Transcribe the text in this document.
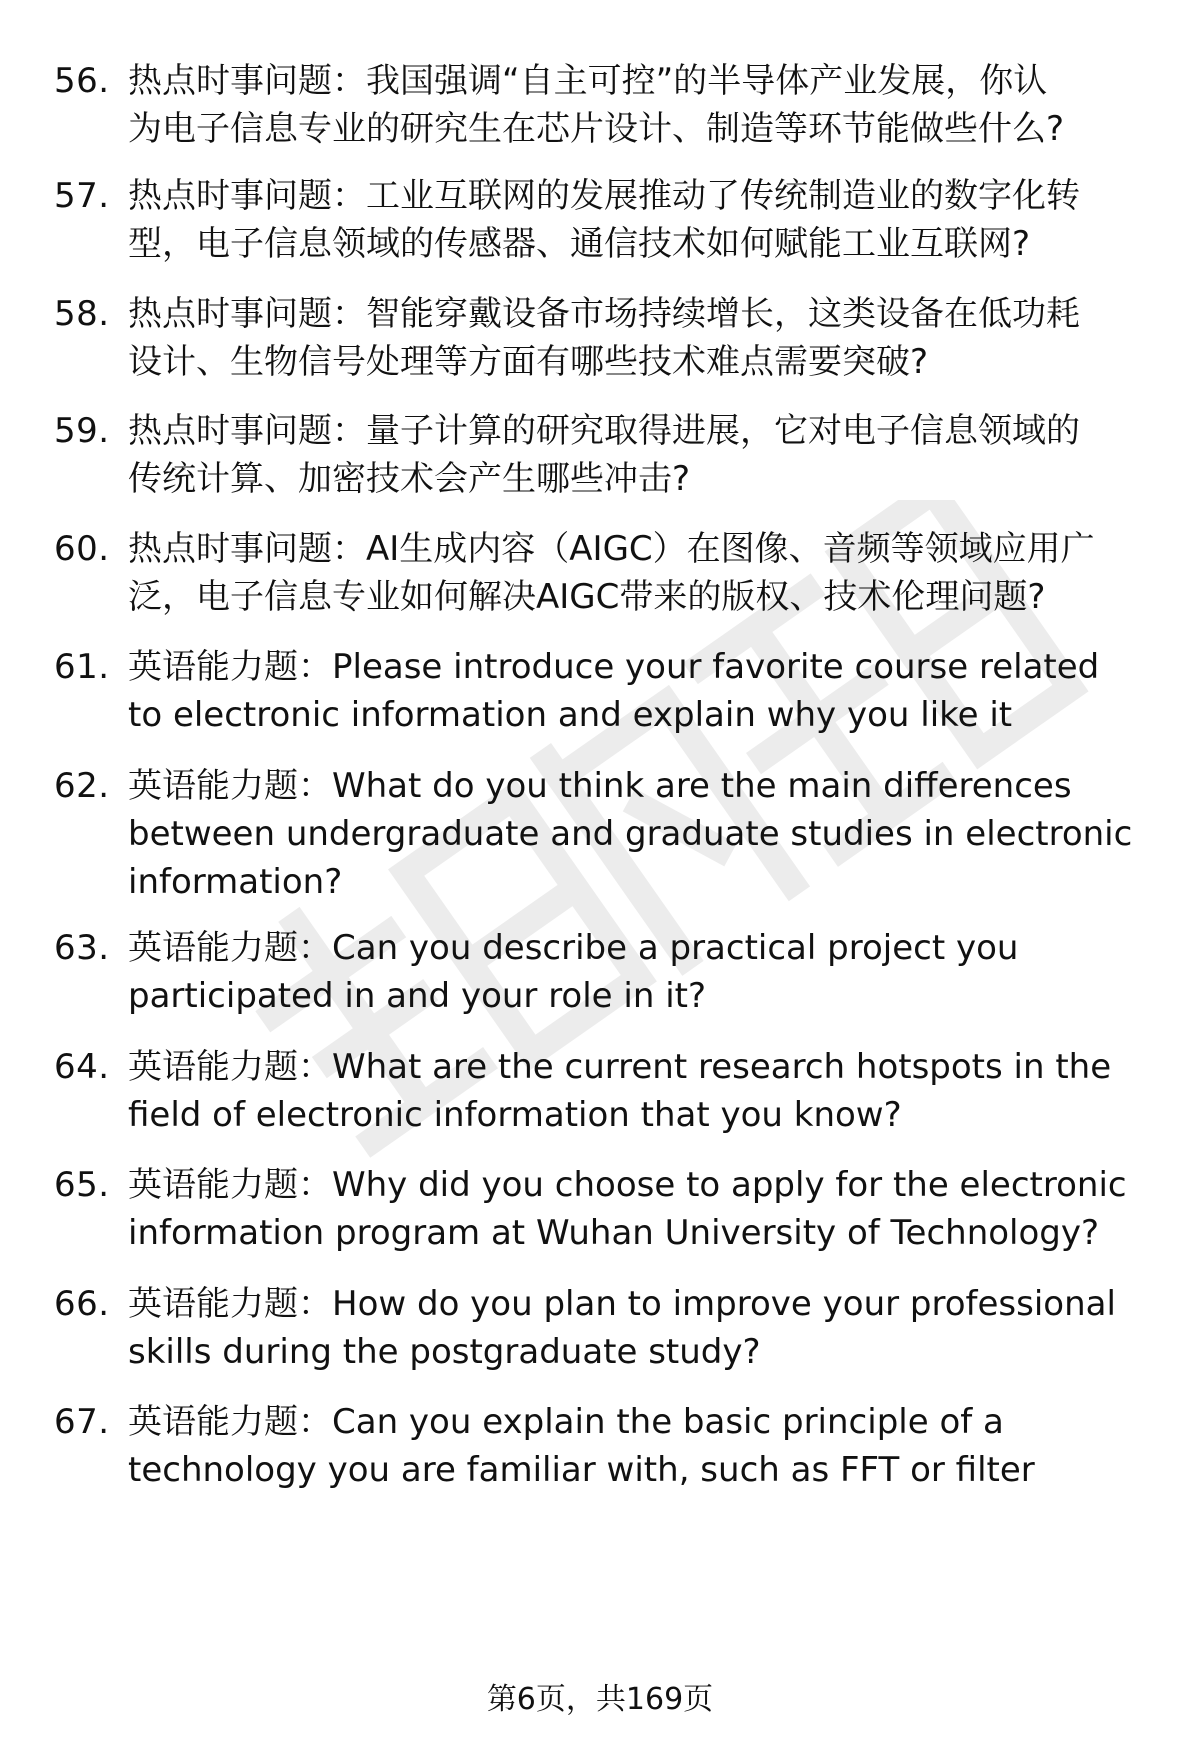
56. 热点时事问题：我国强调“自主可控”的半导体产业发展，你认
为电子信息专业的研究生在芯片设计、制造等环节能做些什么?
57. 热点时事问题：工业互联网的发展推动了传统制造业的数字化转
型，电子信息领域的传感器、通信技术如何赋能工业互联网?
58. 热点时事问题：智能穿戴设备市场持续增长，这类设备在低功耗
设计、生物信号处理等方面有哪些技术难点需要突破?
59. 热点时事问题：量子计算的研究取得进展，它对电子信息领域的
传统计算、加密技术会产生哪些冲击?
60. 热点时事问题：AI生成内容（AIGC）在图像、音频等领域应用广
泛，电子信息专业如何解决AIGC带来的版权、技术伦理问题?
61. 英语能力题：Please introduce your favorite course related
to electronic information and explain why you like it
62. 英语能力题：What do you think are the main differences
between undergraduate and graduate studies in electronic
information?
63. 英语能力题：Can you describe a practical project you
participated in and your role in it?
64. 英语能力题：What are the current research hotspots in the
field of electronic information that you know?
65. 英语能力题：Why did you choose to apply for the electronic
information program at Wuhan University of Technology?
66. 英语能力题：How do you plan to improve your professional
skills during the postgraduate study?
67. 英语能力题：Can you explain the basic principle of a
technology you are familiar with, such as FFT or filter
第6页，共169页
